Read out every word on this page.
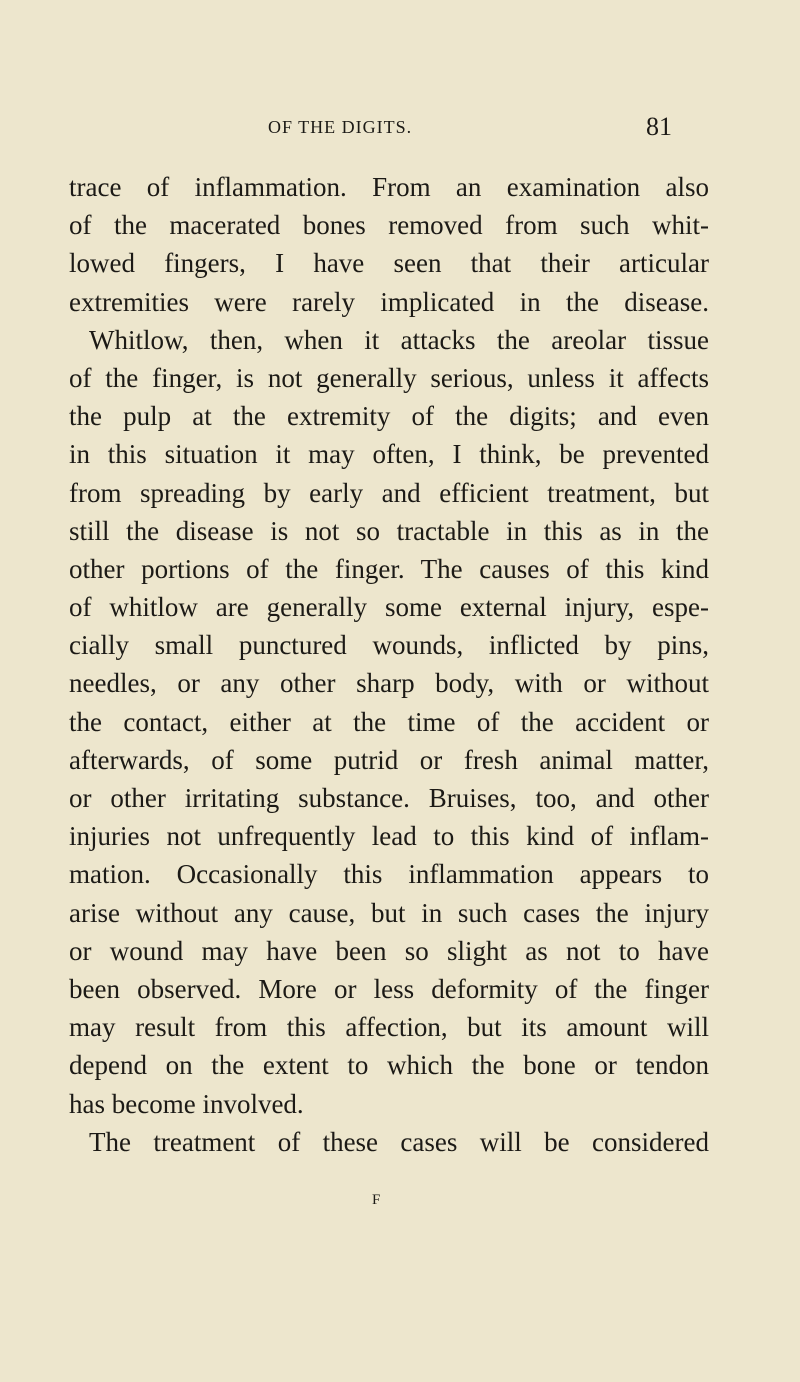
OF THE DIGITS.	81
trace of inflammation. From an examination also
of the macerated bones removed from such whit-
lowed fingers, I have seen that their articular
extremities were rarely implicated in the disease.
Whitlow, then, when it attacks the areolar tissue
of the finger, is not generally serious, unless it affects
the pulp at the extremity of the digits; and even
in this situation it may often, I think, be prevented
from spreading by early and efficient treatment, but
still the disease is not so tractable in this as in the
other portions of the finger. The causes of this kind
of whitlow are generally some external injury, espe-
cially small punctured wounds, inflicted by pins,
needles, or any other sharp body, with or without
the contact, either at the time of the accident or
afterwards, of some putrid or fresh animal matter,
or other irritating substance. Bruises, too, and other
injuries not unfrequently lead to this kind of inflam-
mation. Occasionally this inflammation appears to
arise without any cause, but in such cases the injury
or wound may have been so slight as not to have
been observed. More or less deformity of the finger
may result from this affection, but its amount will
depend on the extent to which the bone or tendon
has become involved.
The treatment of these cases will be considered
F
